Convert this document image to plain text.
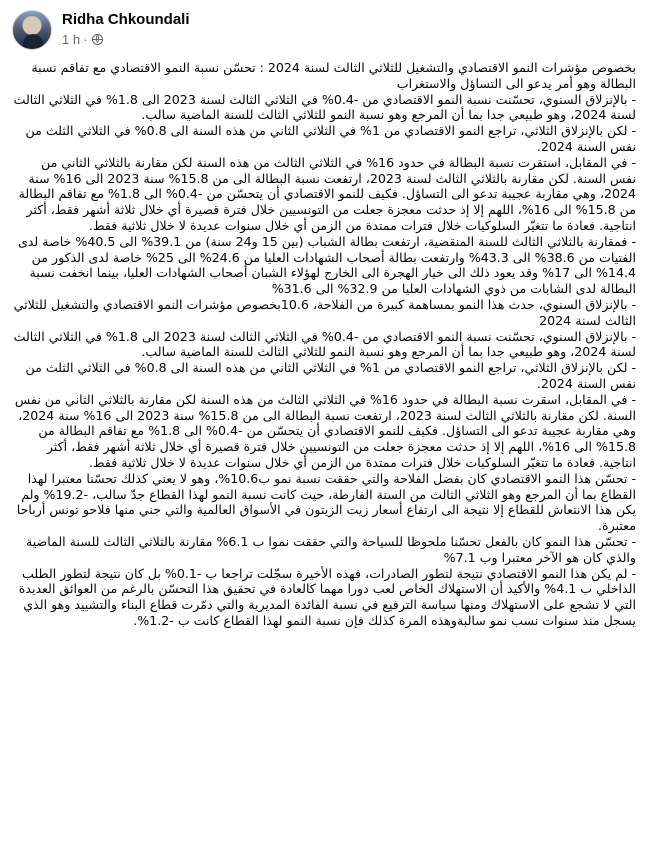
Ridha Chkoundali
1 h ·

بخصوص مؤشرات النمو الاقتصادي والتشغيل للثلاثي الثالث لسنة 2024 : تحسّن نسبة النمو الاقتصادي مع تفاقم نسبة البطالة وهو أمر يدعو الى التساؤل والاستغراب

- بالإنزلاق السنوي، تحسّنت نسبة النمو الاقتصادي من -0.4% في الثلاثي الثالث لسنة 2023 الى 1.8% في الثلاثي الثالث لسنة 2024، وهو طبيعي جدا بما أن المرجع وهو نسبة النمو للثلاثي الثالث للسنة الماضية سالب.

- لكن بالإنزلاق الثلاثي، تراجع النمو الاقتصادي من 1% في الثلاثي الثاني من هذه السنة الى 0.8% في الثلاثي الثلث من نفس السنة 2024.

- في المقابل، استقرت نسبة البطالة في حدود 16% في الثلاثي الثالث من هذه السنة لكن مقارنة بالثلاثي الثاني من نفس السنة. لكن مقارنة بالثلاثي الثالث لسنة 2023، ارتفعت نسبة البطالة الى من 15.8% سنة 2023 الى 16% سنة 2024، وهي مقاربة عجيبة تدعو الى التساؤل. فكيف للنمو الاقتصادي أن يتحسّن من -0.4% الى 1.8% مع تفاقم البطالة من 15.8% الى 16%، اللهم إلا إذ حدثت معجزة جعلت من التونسيين خلال فترة قصيرة أي خلال ثلاثة أشهر فقط، أكثر انتاجية. فعادة ما تتغيّر السلوكيات خلال فترات ممتدة من الزمن أي خلال سنوات عديدة لا خلال ثلاثية فقط.

- فمقارنة بالثلاثي الثالث للسنة المنقضية، ارتفعت بطالة الشباب (بين 15 و24 سنة) من 39.1% الى 40.5% خاصة لدى الفتيات من 38.6% الى 43.3% وارتفعت بطالة أصحاب الشهادات العليا من 24.6% الى 25% خاصة لدى الذكور من 14.4% الى 17% وقد يعود ذلك الى خيار الهجرة الى الخارج لهؤلاء الشبان أصحاب الشهادات العليا، بينما انخفت نسبة البطالة لدى الشابات من ذوي الشهادات العليا من 32.9% الى 31.6%

- بالإنزلاق السنوي، حدث هذا النمو بمساهمة كبيرة من الفلاحة، 10.6بخصوص مؤشرات النمو الاقتصادي والتشغيل للثلاثي الثالث لسنة 2024

- بالإنزلاق السنوي، تحسّنت نسبة النمو الاقتصادي من -0.4% في الثلاثي الثالث لسنة 2023 الى 1.8% في الثلاثي الثالث لسنة 2024، وهو طبيعي جدا بما أن المرجع وهو نسبة النمو للثلاثي الثالث للسنة الماضية سالب.

- لكن بالإنزلاق الثلاثي، تراجع النمو الاقتصادي من 1% في الثلاثي الثاني من هذه السنة الى 0.8% في الثلاثي الثلث من نفس السنة 2024.

- في المقابل، اسقرت نسبة البطالة في حدود 16% في الثلاثي الثالث من هذه السنة لكن مقارنة بالثلاثي الثاني من نفس السنة. لكن مقارنة بالثلاثي الثالث لسنة 2023، ارتفعت نسبة البطالة الى من 15.8% سنة 2023 الى 16% سنة 2024، وهي مقاربة عجيبة تدعو الى التساؤل. فكيف للنمو الاقتصادي أن يتحسّن من -0.4% الى 1.8% مع تفاقم البطالة من 15.8% الى 16%، اللهم إلا إذ حدثت معجزة جعلت من التونسيين خلال فترة قصيرة أي خلال ثلاثة أشهر فقط، أكثر انتاجية. فعادة ما تتغيّر السلوكيات خلال فترات ممتدة من الزمن أي خلال سنوات عديدة لا خلال ثلاثية فقط.

- تحسّن هذا النمو الاقتصادي كان بفضل الفلاحة والتي حققت نسبة نمو ب10.6%، وهو لا يعني كذلك تحسّنا معتبرا لهذا القطاع بما أن المرجع وهو الثلاثي الثالث من السنة الفارطة، حيث كانت نسبة النمو لهذا القطاع جدّ سالب، -19.2% ولم يكن هذا الانتعاش للقطاع إلا نتيجة الى ارتفاع أسعار زيت الزيتون في الأسواق العالمية والتي جني منها فلاحو تونس أرباحا معتبرة.

- تحسّن هذا النمو كان بالفعل تحسّنا ملحوظا للسياحة والتي حققت نموا ب 6.1% مقارنة بالثلاثي الثالث للسنة الماضية والذي كان هو الآخر معتبرا وب 7.1%

- لم يكن هذا النمو الاقتصادي نتيجة لتطور الصادرات، فهذه الأخيرة سجّلت تراجعا ب -0.1% بل كان نتيجة لتطور الطلب الداخلي ب 4.1% والأكيد أن الاستهلاك الخاص لعب دورا مهما كالعادة في تحقيق هذا التحسّن بالرغم من العوائق العديدة التي لا تشجع على الاستهلاك ومنها سياسة الترفيع في نسبة الفائدة المديرية والتي دمّرت قطاع البناء والتشييد وهو الذي يسجل منذ سنوات نسب نمو سالبةوهذه المرة كذلك فإن نسبة النمو لهذا القطاع كانت ب -1.2%.
